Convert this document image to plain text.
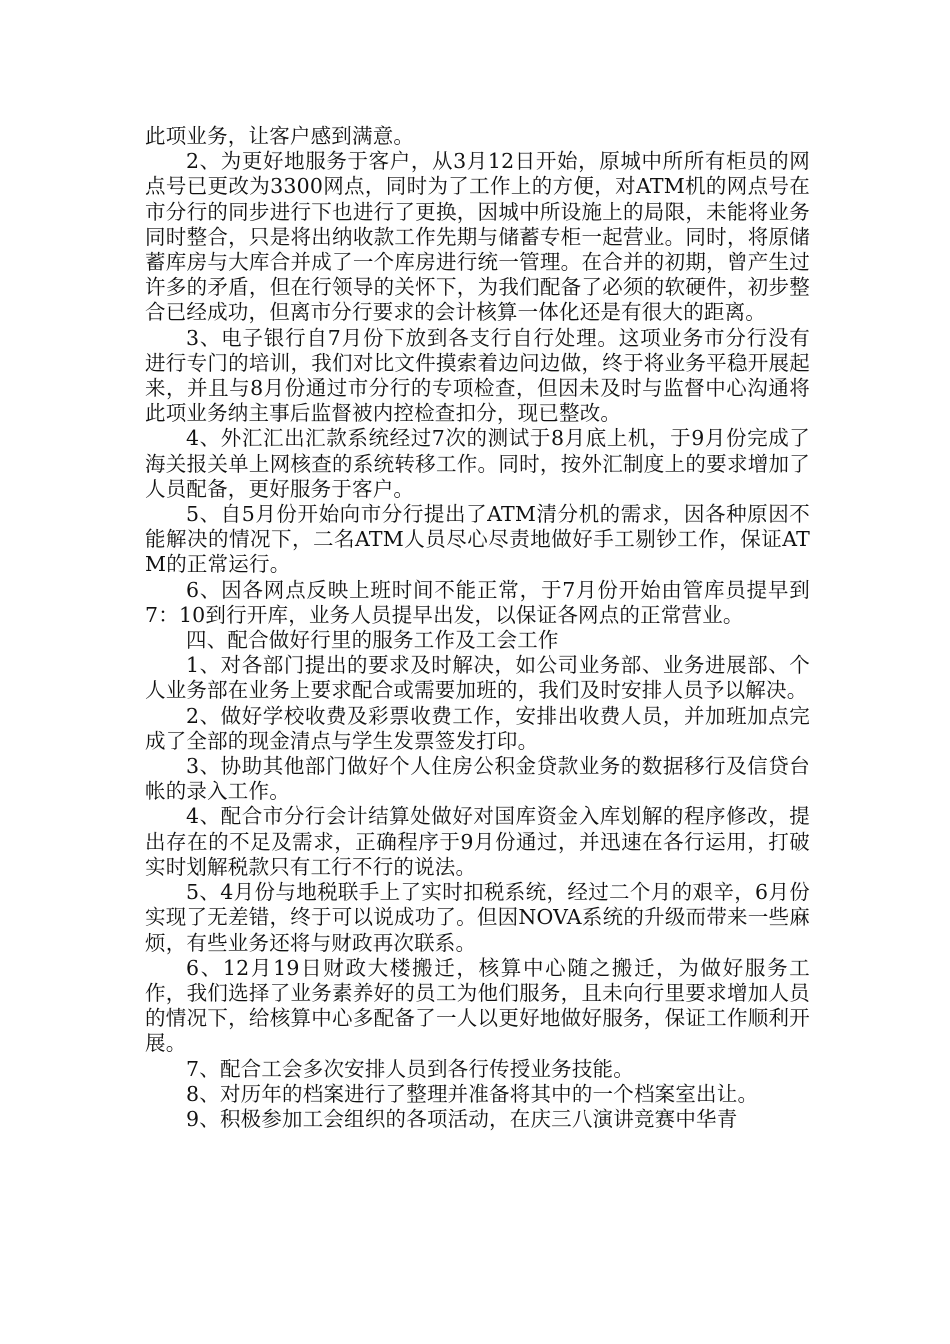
此项业务，让客户感到满意。

2、为更好地服务于客户，从3月12日开始，原城中所所有柜员的网点号已更改为3300网点，同时为了工作上的方便，对ATM机的网点号在市分行的同步进行下也进行了更换，因城中所设施上的局限，未能将业务同时整合，只是将出纳收款工作先期与储蓄专柜一起营业。同时，将原储蓄库房与大库合并成了一个库房进行统一管理。在合并的初期，曾产生过许多的矛盾，但在行领导的关怀下，为我们配备了必须的软硬件，初步整合已经成功，但离市分行要求的会计核算一体化还是有很大的距离。

3、电子银行自7月份下放到各支行自行处理。这项业务市分行没有进行专门的培训，我们对比文件摸索着边问边做，终于将业务平稳开展起来，并且与8月份通过市分行的专项检查，但因未及时与监督中心沟通将此项业务纳主事后监督被内控检查扣分，现已整改。

4、外汇汇出汇款系统经过7次的测试于8月底上机，于9月份完成了海关报关单上网核查的系统转移工作。同时，按外汇制度上的要求增加了人员配备，更好服务于客户。

5、自5月份开始向市分行提出了ATM清分机的需求，因各种原因不能解决的情况下，二名ATM人员尽心尽责地做好手工剔钞工作，保证ATM的正常运行。

6、因各网点反映上班时间不能正常，于7月份开始由管库员提早到7：10到行开库，业务人员提早出发，以保证各网点的正常营业。

四、配合做好行里的服务工作及工会工作

1、对各部门提出的要求及时解决，如公司业务部、业务进展部、个人业务部在业务上要求配合或需要加班的，我们及时安排人员予以解决。

2、做好学校收费及彩票收费工作，安排出收费人员，并加班加点完成了全部的现金清点与学生发票签发打印。

3、协助其他部门做好个人住房公积金贷款业务的数据移行及信贷台帐的录入工作。

4、配合市分行会计结算处做好对国库资金入库划解的程序修改，提出存在的不足及需求，正确程序于9月份通过，并迅速在各行运用，打破实时划解税款只有工行不行的说法。

5、4月份与地税联手上了实时扣税系统，经过二个月的艰辛，6月份实现了无差错，终于可以说成功了。但因NOVA系统的升级而带来一些麻烦，有些业务还将与财政再次联系。

6、12月19日财政大楼搬迁，核算中心随之搬迁，为做好服务工作，我们选择了业务素养好的员工为他们服务，且未向行里要求增加人员的情况下，给核算中心多配备了一人以更好地做好服务，保证工作顺利开展。

7、配合工会多次安排人员到各行传授业务技能。

8、对历年的档案进行了整理并准备将其中的一个档案室出让。

9、积极参加工会组织的各项活动，在庆三八演讲竞赛中华青
